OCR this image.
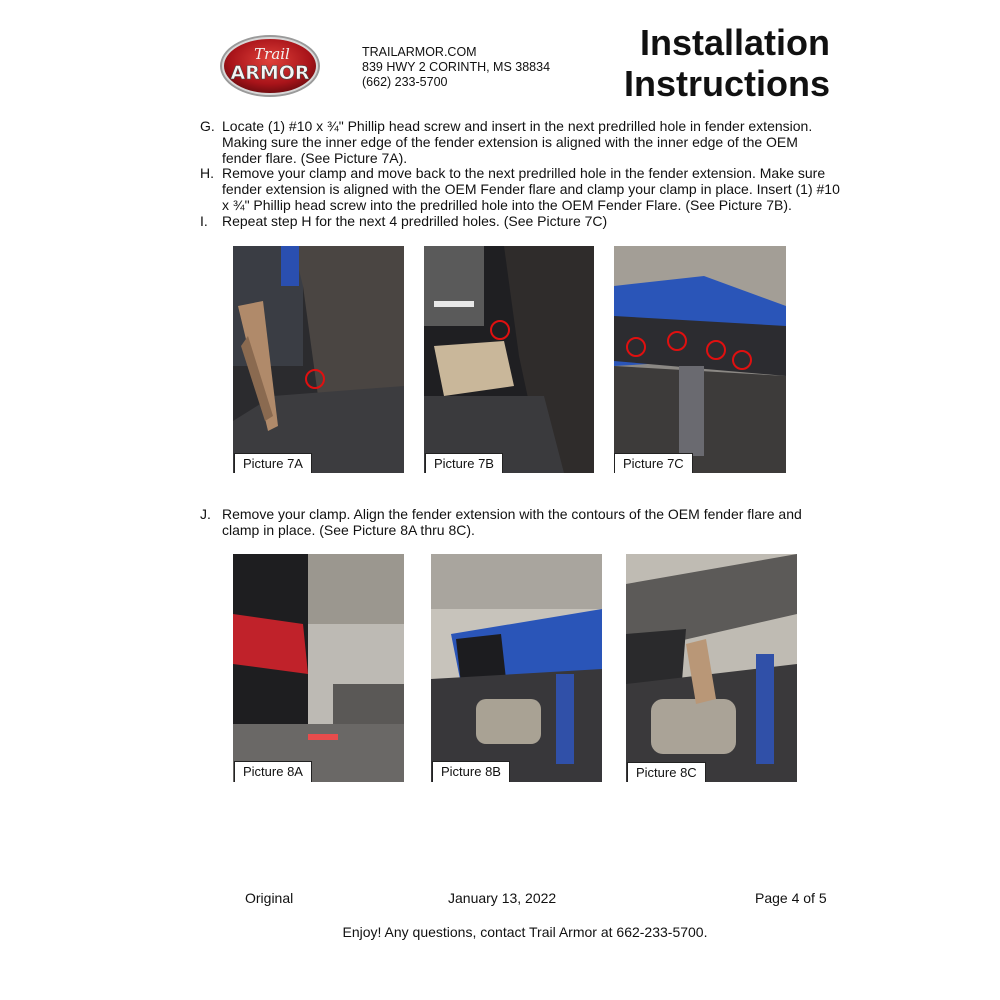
Trail
ARMOR
TRAILARMOR.COM
839 HWY 2 CORINTH, MS 38834
(662) 233-5700
Installation
Instructions
G. Locate (1) #10 x ¾" Phillip head screw and insert in the next predrilled hole in fender extension. Making sure the inner edge of the fender extension is aligned with the inner edge of the OEM fender flare. (See Picture 7A).
H. Remove your clamp and move back to the next predrilled hole in the fender extension. Make sure fender extension is aligned with the OEM Fender flare and clamp your clamp in place. Insert (1) #10 x ¾" Phillip head screw into the predrilled hole into the OEM Fender Flare. (See Picture 7B).
I.	Repeat step H for the next 4 predrilled holes. (See Picture 7C)
Picture 7A	Picture 7B	Picture 7C
J. Remove your clamp. Align the fender extension with the contours of the OEM fender flare and clamp in place. (See Picture 8A thru 8C).
Picture 8A	Picture 8B	Picture 8C
Original	January 13, 2022	Page 4 of 5
Enjoy! Any questions, contact Trail Armor at 662-233-5700.
